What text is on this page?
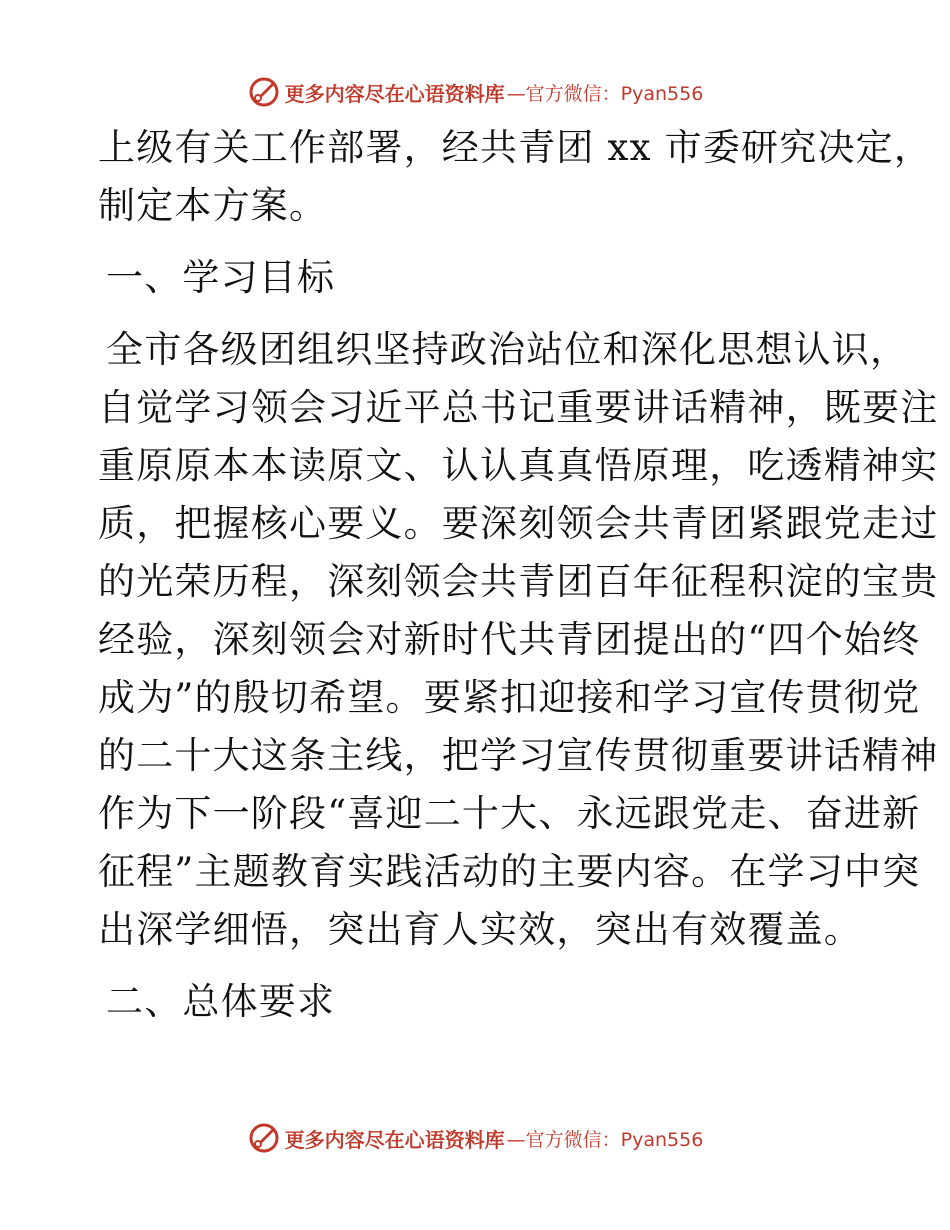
更多内容尽在心语资料库 —官方微信：Pyan556
上级有关工作部署，经共青团 xx 市委研究决定，
制定本方案。
一、学习目标
全市各级团组织坚持政治站位和深化思想认识，
自觉学习领会习近平总书记重要讲话精神，既要注
重原原本本读原文、认认真真悟原理，吃透精神实
质，把握核心要义。要深刻领会共青团紧跟党走过
的光荣历程，深刻领会共青团百年征程积淀的宝贵
经验，深刻领会对新时代共青团提出的“四个始终
成为”的殷切希望。要紧扣迎接和学习宣传贯彻党
的二十大这条主线，把学习宣传贯彻重要讲话精神
作为下一阶段“喜迎二十大、永远跟党走、奋进新
征程”主题教育实践活动的主要内容。在学习中突
出深学细悟，突出育人实效，突出有效覆盖。
二、总体要求
更多内容尽在心语资料库 —官方微信：Pyan556
